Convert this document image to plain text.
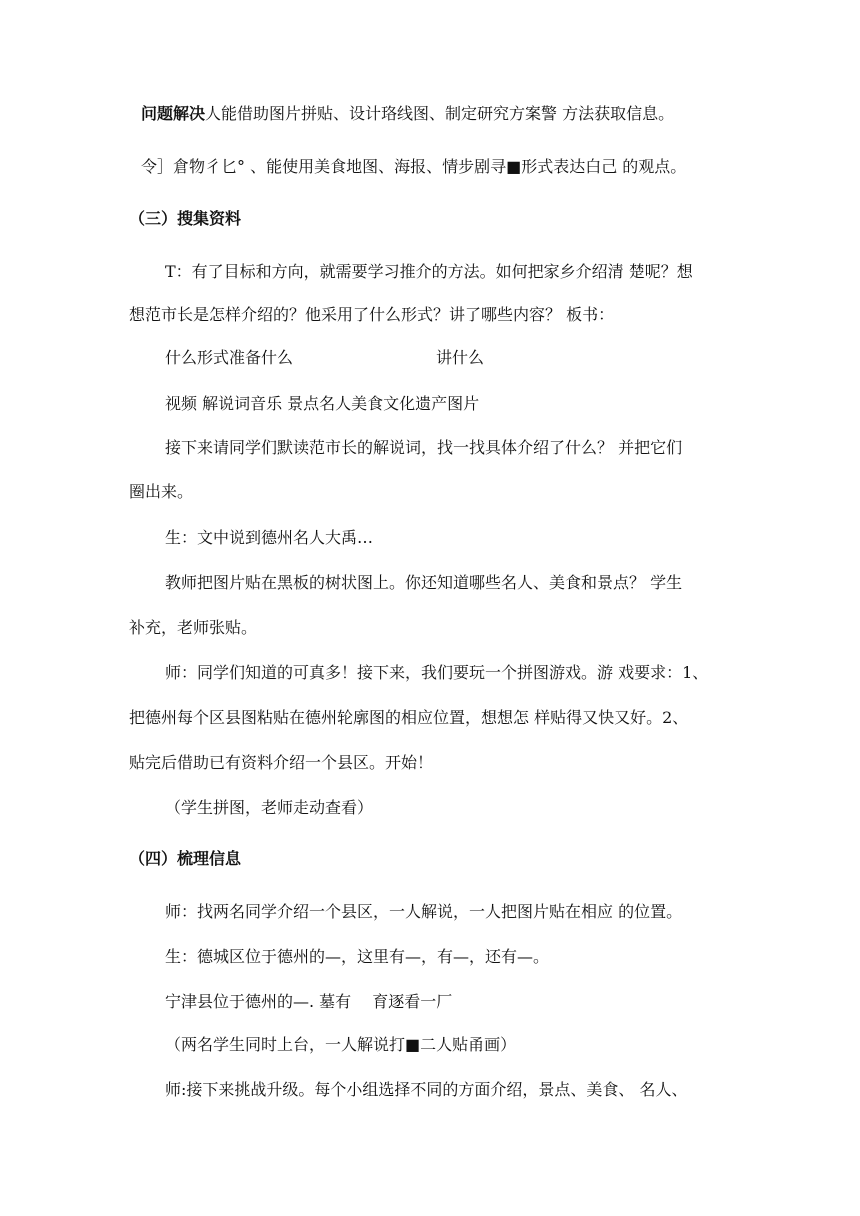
问题解决人能借助图片拼贴、设计珞线图、制定研究方案警 方法获取信息。
令］倉物彳匕° 、能使用美食地图、海报、情步剧寻■形式表达白己 的观点。
（三）搜集资料
T：有了目标和方向，就需要学习推介的方法。如何把家乡介绍清 楚呢？想
想范市长是怎样介绍的？他采用了什么形式？讲了哪些内容？ 板书：
什么形式准备什么	讲什么
视频 解说词音乐 景点名人美食文化遗产图片
接下来请同学们默读范市长的解说词，找一找具体介绍了什么？ 并把它们
圈出来。
生：文中说到德州名人大禹…
教师把图片贴在黑板的树状图上。你还知道哪些名人、美食和景点？ 学生
补充，老师张贴。
师：同学们知道的可真多！接下来，我们要玩一个拼图游戏。游 戏要求：1、
把德州每个区县图粘贴在德州轮廓图的相应位置，想想怎 样贴得又快又好。2、
贴完后借助已有资料介绍一个县区。开始！
（学生拼图，老师走动查看）
（四）梳理信息
师：找两名同学介绍一个县区，一人解说，一人把图片贴在相应 的位置。
生：德城区位于德州的—，这里有—，有—，还有—。
宁津县位于德州的—. 墓有　 育逐看一厂
（两名学生同时上台，一人解说打■二人贴甬画）
师:接下来挑战升级。每个小组选择不同的方面介绍，景点、美食、 名人、
